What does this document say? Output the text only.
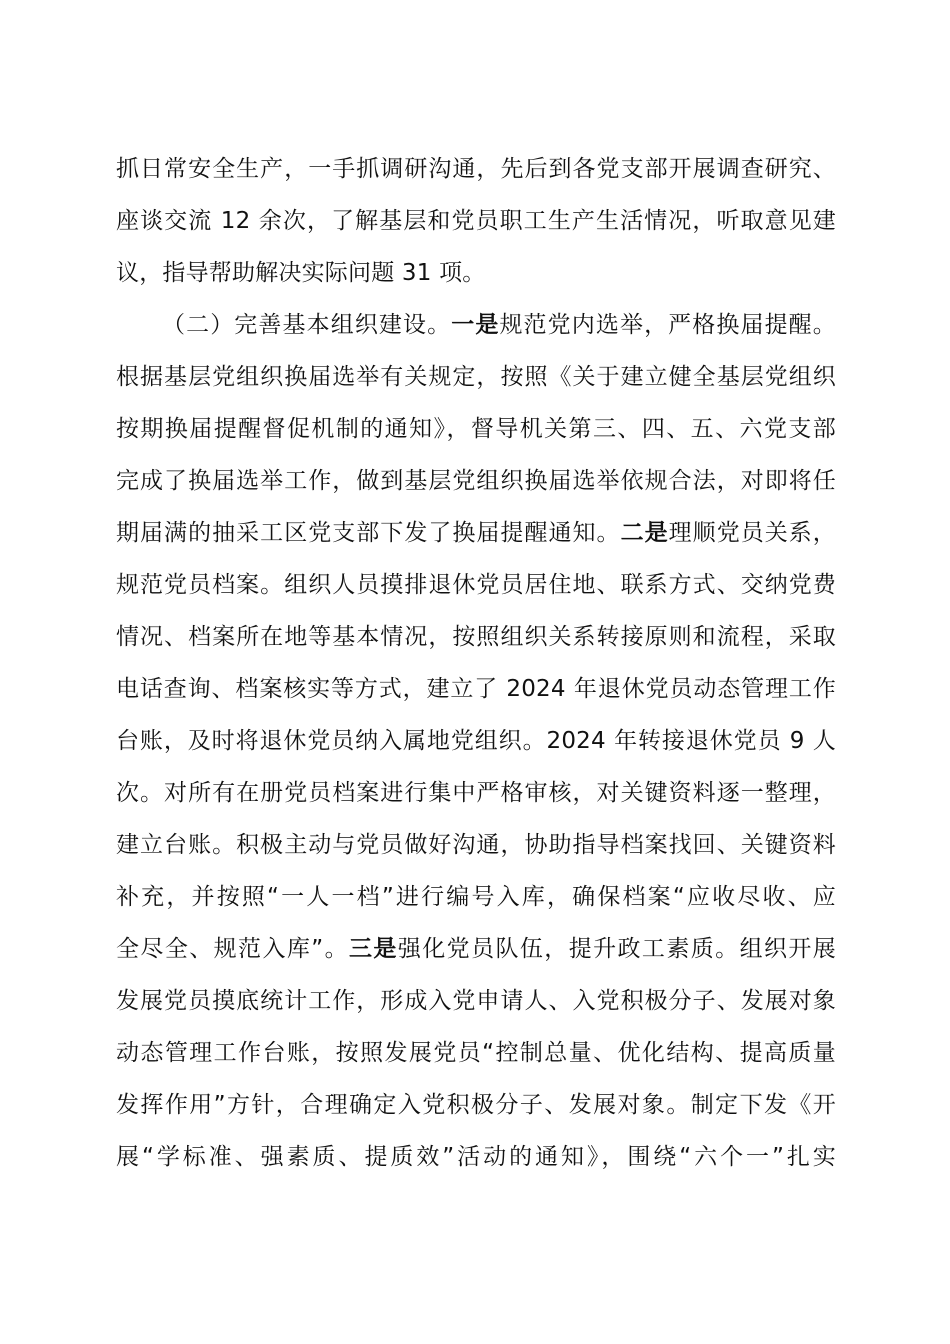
抓日常安全生产，一手抓调研沟通，先后到各党支部开展调查研究、
座谈交流 12 余次，了解基层和党员职工生产生活情况，听取意见建
议，指导帮助解决实际问题 31 项。
（二）完善基本组织建设。一是规范党内选举，严格换届提醒。
根据基层党组织换届选举有关规定，按照《关于建立健全基层党组织
按期换届提醒督促机制的通知》，督导机关第三、四、五、六党支部
完成了换届选举工作，做到基层党组织换届选举依规合法，对即将任
期届满的抽采工区党支部下发了换届提醒通知。二是理顺党员关系，
规范党员档案。组织人员摸排退休党员居住地、联系方式、交纳党费
情况、档案所在地等基本情况，按照组织关系转接原则和流程，采取
电话查询、档案核实等方式，建立了 2024 年退休党员动态管理工作
台账，及时将退休党员纳入属地党组织。2024 年转接退休党员 9 人
次。对所有在册党员档案进行集中严格审核，对关键资料逐一整理，
建立台账。积极主动与党员做好沟通，协助指导档案找回、关键资料
补充，并按照“一人一档”进行编号入库，确保档案“应收尽收、应
全尽全、规范入库”。三是强化党员队伍，提升政工素质。组织开展
发展党员摸底统计工作，形成入党申请人、入党积极分子、发展对象
动态管理工作台账，按照发展党员“控制总量、优化结构、提高质量
发挥作用”方针，合理确定入党积极分子、发展对象。制定下发《开
展“学标准、强素质、提质效”活动的通知》，围绕“六个一”扎实
